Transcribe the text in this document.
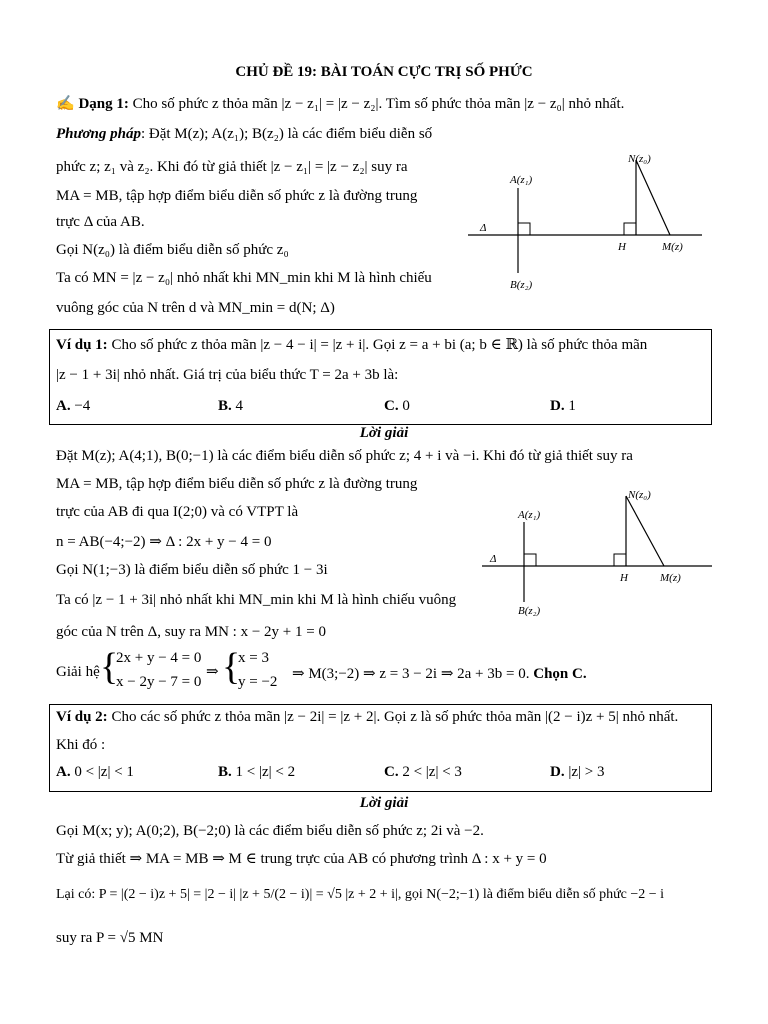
CHỦ ĐỀ 19: BÀI TOÁN CỰC TRỊ SỐ PHỨC
✍ Dạng 1: Cho số phức z thỏa mãn |z − z₁| = |z − z₂|. Tìm số phức thỏa mãn |z − z₀| nhỏ nhất.
Phương pháp: Đặt M(z); A(z₁); B(z₂) là các điểm biểu diễn số
phức z; z₁ và z₂. Khi đó từ giả thiết |z − z₁| = |z − z₂| suy ra
MA = MB, tập hợp điểm biểu diễn số phức z là đường trung
trực Δ của AB.
Gọi N(z₀) là điểm biểu diễn số phức z₀
Ta có MN = |z − z₀| nhỏ nhất khi MN_min khi M là hình chiếu
vuông góc của N trên d và MN_min = d(N; Δ)
A(z₁)
B(z₂)
N(z₀)
H	M(z)
Δ
Ví dụ 1: Cho số phức z thỏa mãn |z − 4 − i| = |z + i|. Gọi z = a + bi (a; b ∈ ℝ) là số phức thỏa mãn
|z − 1 + 3i| nhỏ nhất. Giá trị của biểu thức T = 2a + 3b là:
A. −4	B. 4	C. 0	D. 1
Lời giải
Đặt M(z); A(4;1), B(0;−1) là các điểm biểu diễn số phức z; 4 + i và −i. Khi đó từ giả thiết suy ra
MA = MB, tập hợp điểm biểu diễn số phức z là đường trung
trực của AB đi qua I(2;0) và có VTPT là
n = AB(−4;−2) ⇒ Δ : 2x + y − 4 = 0
Gọi N(1;−3) là điểm biểu diễn số phức 1 − 3i
Ta có |z − 1 + 3i| nhỏ nhất khi MN_min khi M là hình chiếu vuông
góc của N trên Δ, suy ra MN : x − 2y + 1 = 0
Giải hệ {
2x + y − 4 = 0
x − 2y − 7 = 0
⇒ {
x = 3
y = −2 ⇒ M(3;−2) ⇒ z = 3 − 2i ⇒ 2a + 3b = 0. Chọn C.
A(z₁)
B(z₂)
N(z₀)
H	M(z)
Δ
Ví dụ 2: Cho các số phức z thỏa mãn |z − 2i| = |z + 2|. Gọi z là số phức thỏa mãn |(2 − i)z + 5| nhỏ nhất.
Khi đó :
A. 0 < |z| < 1	B. 1 < |z| < 2	C. 2 < |z| < 3	D. |z| > 3
Lời giải
Gọi M(x; y); A(0;2), B(−2;0) là các điểm biểu diễn số phức z; 2i và −2.
Từ giả thiết ⇒ MA = MB ⇒ M ∈ trung trực của AB có phương trình Δ : x + y = 0
Lại có: P = |(2 − i)z + 5| = |2 − i| |z + 5/(2 − i)| = √5 |z + 2 + i|, gọi N(−2;−1) là điểm biểu diễn số phức −2 − i
suy ra P = √5 MN
